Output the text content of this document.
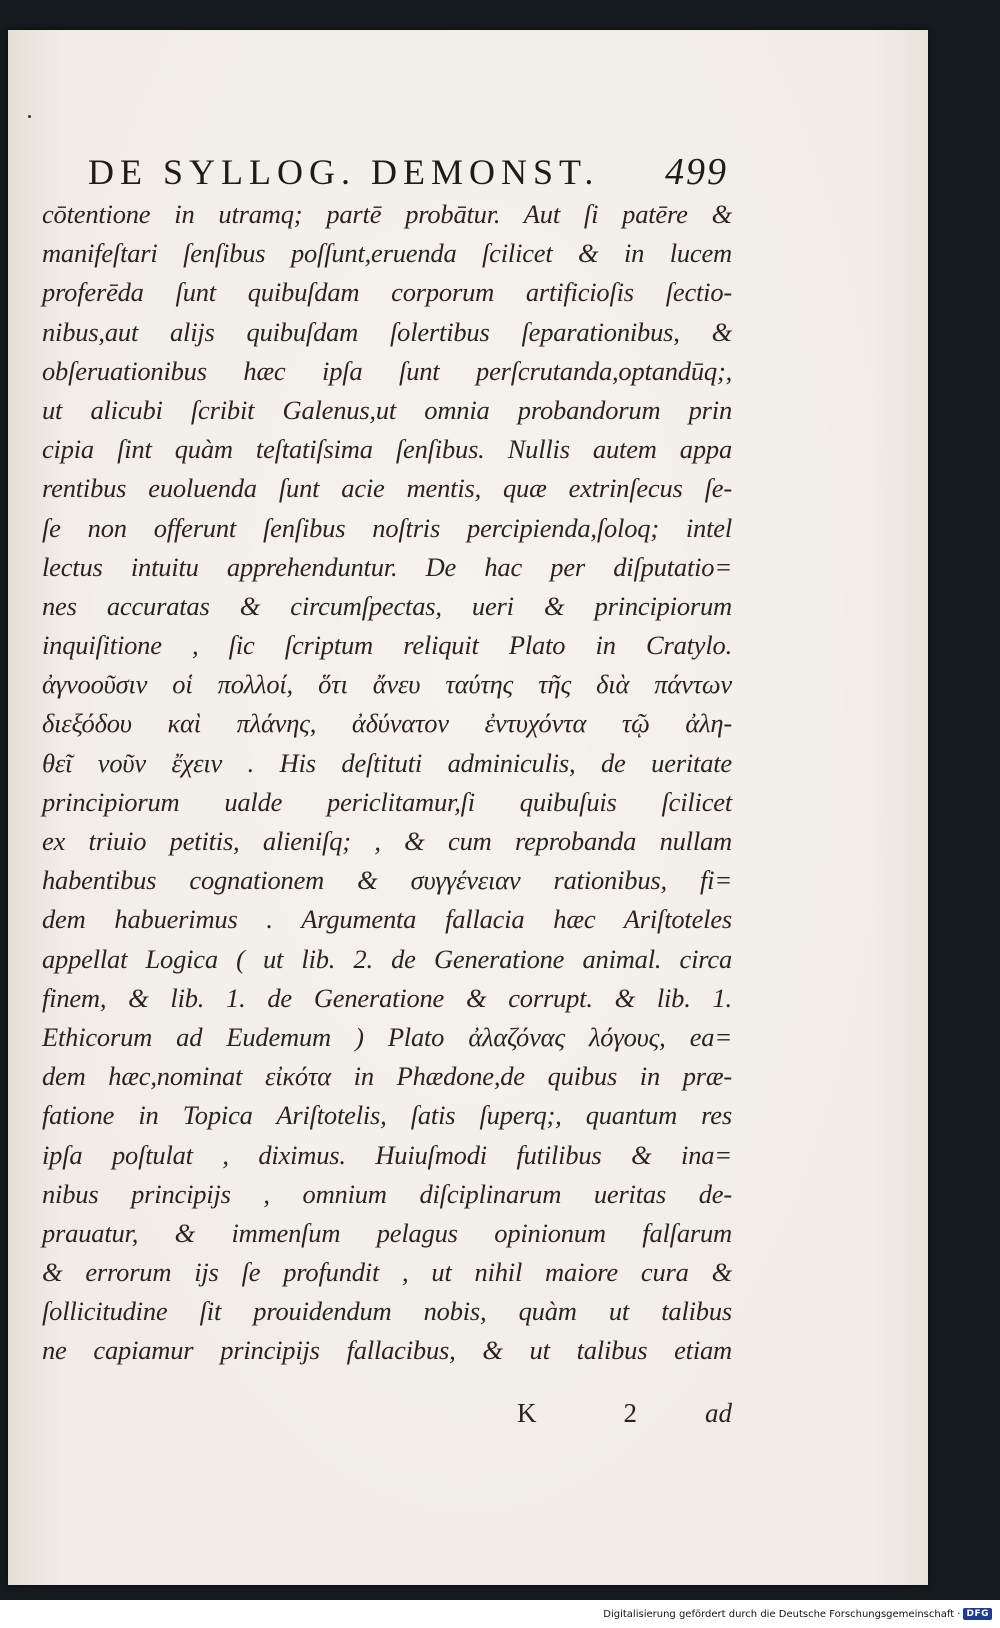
DE SYLLOG. DEMONST. 499
cōtentione in utramq; partē probātur. Aut ſi patēre &
manifeſtari ſenſibus poſſunt,eruenda ſcilicet & in lucem
proferēda ſunt quibuſdam corporum artificioſis ſectio-
nibus,aut alijs quibuſdam ſolertibus ſeparationibus, &
obſeruationibus hæc ipſa ſunt perſcrutanda,optandūq;,
ut alicubi ſcribit Galenus,ut omnia probandorum prin
cipia ſint quàm teſtatiſsima ſenſibus. Nullis autem appa
rentibus euoluenda ſunt acie mentis, quæ extrinſecus ſe-
ſe non offerunt ſenſibus noſtris percipienda,ſoloq; intel
lectus intuitu apprehenduntur. De hac per diſputatio=
nes accuratas & circumſpectas, ueri & principiorum
inquiſitione , ſic ſcriptum reliquit Plato in Cratylo.
ἀγνοοῦσιν οἱ πολλοί, ὅτι ἄνευ ταύτης τῆς διὰ πάντων
διεξόδου καὶ πλάνης, ἀδύνατον ἐντυχόντα τῷ ἀλη-
θεῖ νοῦν ἔχειν . His deſtituti adminiculis, de ueritate
principiorum ualde periclitamur,ſi quibuſuis ſcilicet
ex triuio petitis, alieniſq; , & cum reprobanda nullam
habentibus cognationem & συγγένειαν rationibus, fi=
dem habuerimus . Argumenta fallacia hæc Ariſtoteles
appellat Logica ( ut lib. 2. de Generatione animal. circa
finem, & lib. 1. de Generatione & corrupt. & lib. 1.
Ethicorum ad Eudemum ) Plato ἀλαζόνας λόγους, ea=
dem hæc,nominat εἰκότα in Phædone,de quibus in præ-
fatione in Topica Ariſtotelis, ſatis ſuperq;, quantum res
ipſa poſtulat , diximus. Huiuſmodi futilibus & ina=
nibus principijs , omnium diſciplinarum ueritas de-
prauatur, & immenſum pelagus opinionum falſarum
& errorum ijs ſe profundit , ut nihil maiore cura &
ſollicitudine ſit prouidendum nobis, quàm ut talibus
ne capiamur principijs fallacibus, & ut talibus etiam
K	2	ad
Digitalisierung gefördert durch die Deutsche Forschungsgemeinschaft · DFG
